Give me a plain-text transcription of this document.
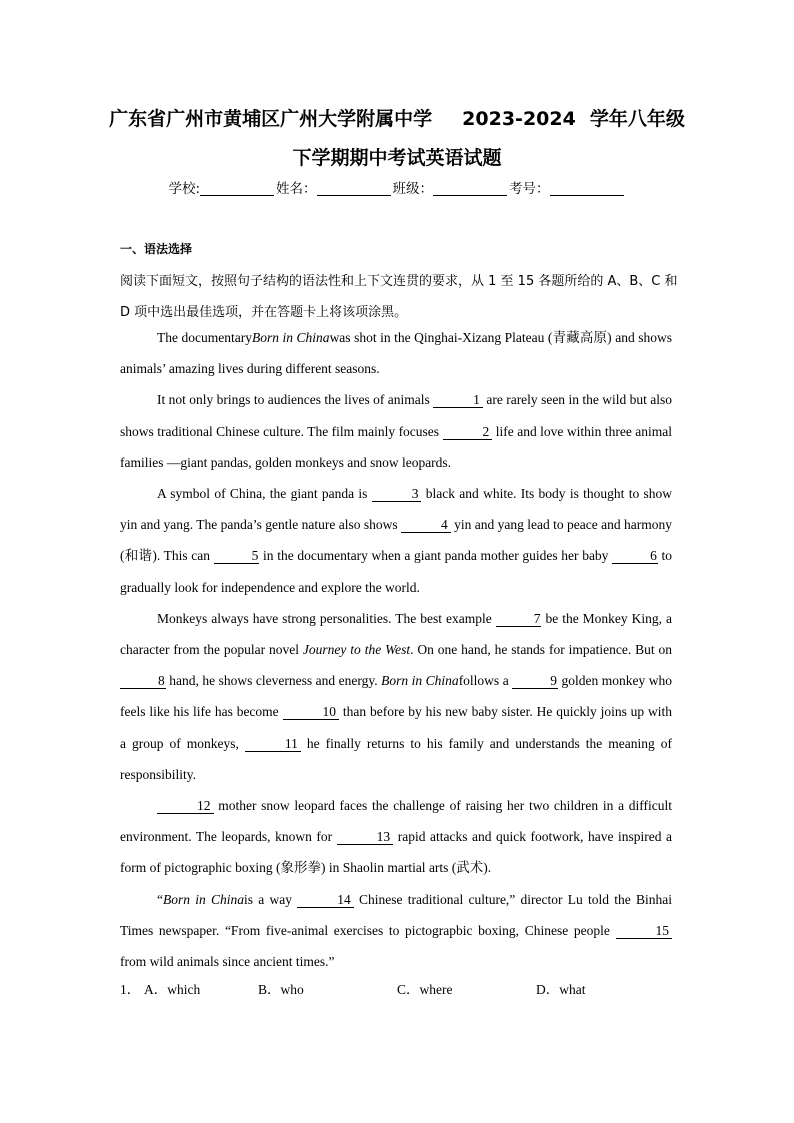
广东省广州市黄埔区广州大学附属中学 2023-2024 学年八年级
下学期期中考试英语试题
学校:	姓名：	班级：	考号：
一、语法选择
阅读下面短文，按照句子结构的语法性和上下文连贯的要求，从 1 至 15 各题所给的 A、B、C 和 D 项中选出最佳选项，并在答题卡上将该项涂黑。

The documentaryBorn in Chinawas shot in the Qinghai-Xizang Plateau (青藏高原) and shows animals’ amazing lives during different seasons.

It not only brings to audiences the lives of animals	1 are rarely seen in the wild but also shows traditional Chinese culture. The film mainly focuses	2 life and love within three animal families —giant pandas, golden monkeys and snow leopards.

A symbol of China, the giant panda is	3 black and white. Its body is thought to show yin and yang. The panda’s gentle nature also shows	4 yin and yang lead to peace and harmony (和谐). This can	5 in the documentary when a giant panda mother guides her baby	6 to gradually look for independence and explore the world.

Monkeys always have strong personalities. The best example	7 be the Monkey King, a character from the popular novel Journey to the West. On one hand, he stands for impatience. But on 8 hand, he shows cleverness and energy. Born in Chinafollows a	9 golden monkey who feels like his life has become	10 than before by his new baby sister. He quickly joins up with a group of monkeys,	11 he finally returns to his family and understands the meaning of responsibility.

12 mother snow leopard faces the challenge of raising her two children in a difficult environment. The leopards, known for	13 rapid attacks and quick footwork, have inspired a form of pictographic boxing (象形拳) in Shaolin martial arts (武术).

“Born in Chinais a way	14 Chinese traditional culture,” director Lu told the Binhai Times newspaper. “From five-animal exercises to pictograpbic boxing, Chinese people	15 from wild animals since ancient times.”

1． A．which	B．who	C．where	D．what
